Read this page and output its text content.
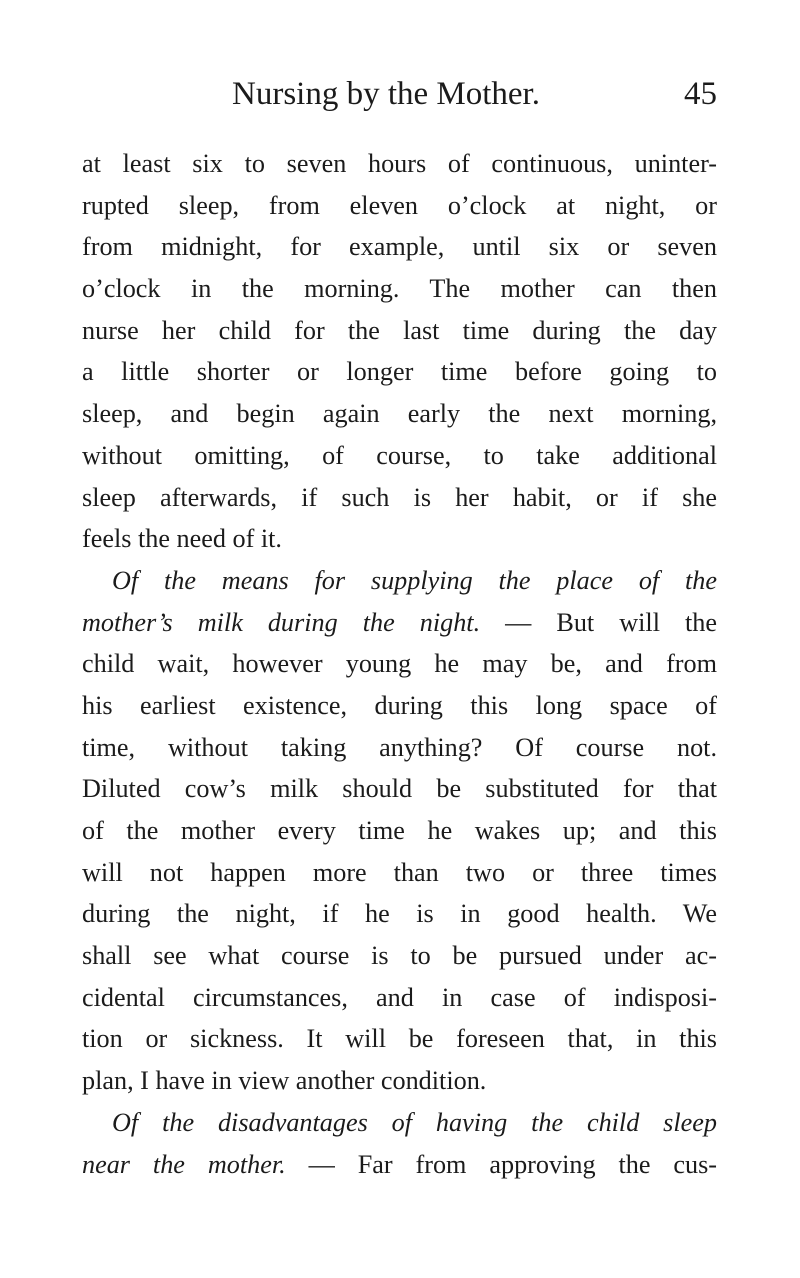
Nursing by the Mother.	45
at least six to seven hours of continuous, uninter-
rupted sleep, from eleven o’clock at night, or
from midnight, for example, until six or seven
o’clock in the morning. The mother can then
nurse her child for the last time during the day
a little shorter or longer time before going to
sleep, and begin again early the next morning,
without omitting, of course, to take additional
sleep afterwards, if such is her habit, or if she
feels the need of it.
Of the means for supplying the place of the
mother’s milk during the night. — But will the
child wait, however young he may be, and from
his earliest existence, during this long space of
time, without taking anything? Of course not.
Diluted cow’s milk should be substituted for that
of the mother every time he wakes up; and this
will not happen more than two or three times
during the night, if he is in good health. We
shall see what course is to be pursued under ac-
cidental circumstances, and in case of indisposi-
tion or sickness. It will be foreseen that, in this
plan, I have in view another condition.
Of the disadvantages of having the child sleep
near the mother. — Far from approving the cus-
